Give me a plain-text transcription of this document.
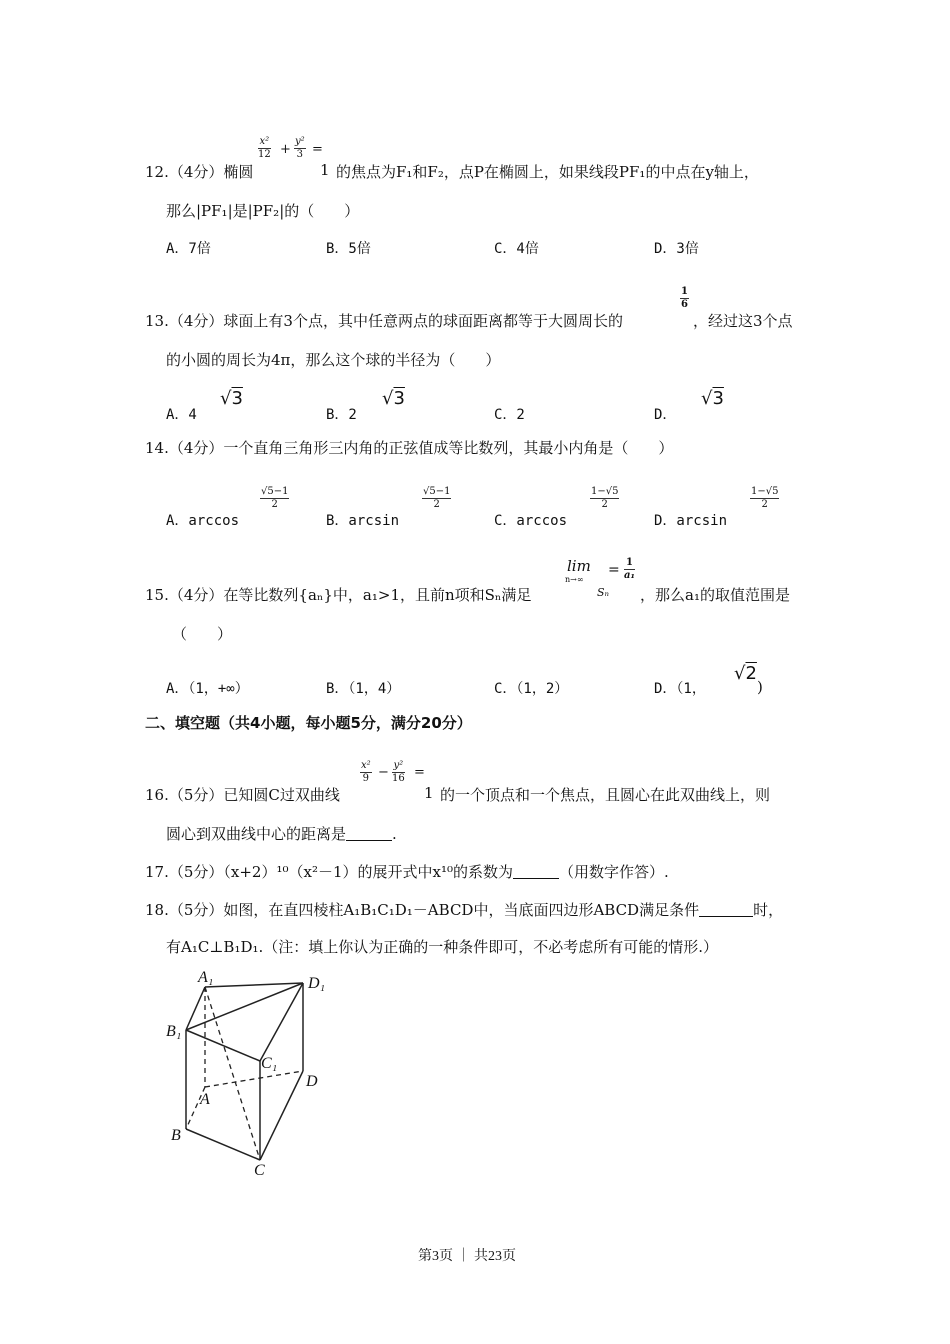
$\frac{\text{x²}}{12} + \frac{\text{y²}}{3}$ =
12.（4分）椭圆	1 的焦点为F₁和F₂，点P在椭圆上，如果线段PF₁的中点在y轴上，
那么|PF₁|是|PF₂|的（　　）
A．7倍	B．5倍	C．4倍	D．3倍
$\frac{1}{6}$
13.（4分）球面上有3个点，其中任意两点的球面距离都等于大圆周长的	，经过这3个点
的小圆的周长为4π，那么这个球的半径为（　　）
A．4
√3
B．2
√3
C．2	D．
√3
14.（4分）一个直角三角形三内角的正弦值成等比数列，其最小内角是（　　）
A．arccos
$\frac{√5-1}{2}$
B．arcsin
$\frac{√5-1}{2}$
C．arccos
$\frac{1-√5}{2}$
D．arcsin
$\frac{1-√5}{2}$
lim
n→∞
Sₙ
= $\frac{1}{\text{a₁}}$
15.（4分）在等比数列{aₙ}中，a₁>1，且前n项和Sₙ满足	，那么a₁的取值范围是
（　　）
A．（1，+∞）	B．（1，4）	C．（1，2）	D．（1，
√2
)
二、填空题（共4小题，每小题5分，满分20分）
$\frac{\text{x²}}{9} - \frac{\text{y²}}{16}$ =
16.（5分）已知圆C过双曲线	1 的一个顶点和一个焦点，且圆心在此双曲线上，则
圆心到双曲线中心的距离是	.
17.（5分）（x+2）¹⁰（x²－1）的展开式中x¹⁰的系数为	（用数字作答）.
18.（5分）如图，在直四棱柱A₁B₁C₁D₁－ABCD中，当底面四边形ABCD满足条件	时，
有A₁C⊥B₁D₁.（注：填上你认为正确的一种条件即可，不必考虑所有可能的情形.）
A₁	D₁
B₁
C₁
D
A
B
C
第3页 ｜ 共23页
